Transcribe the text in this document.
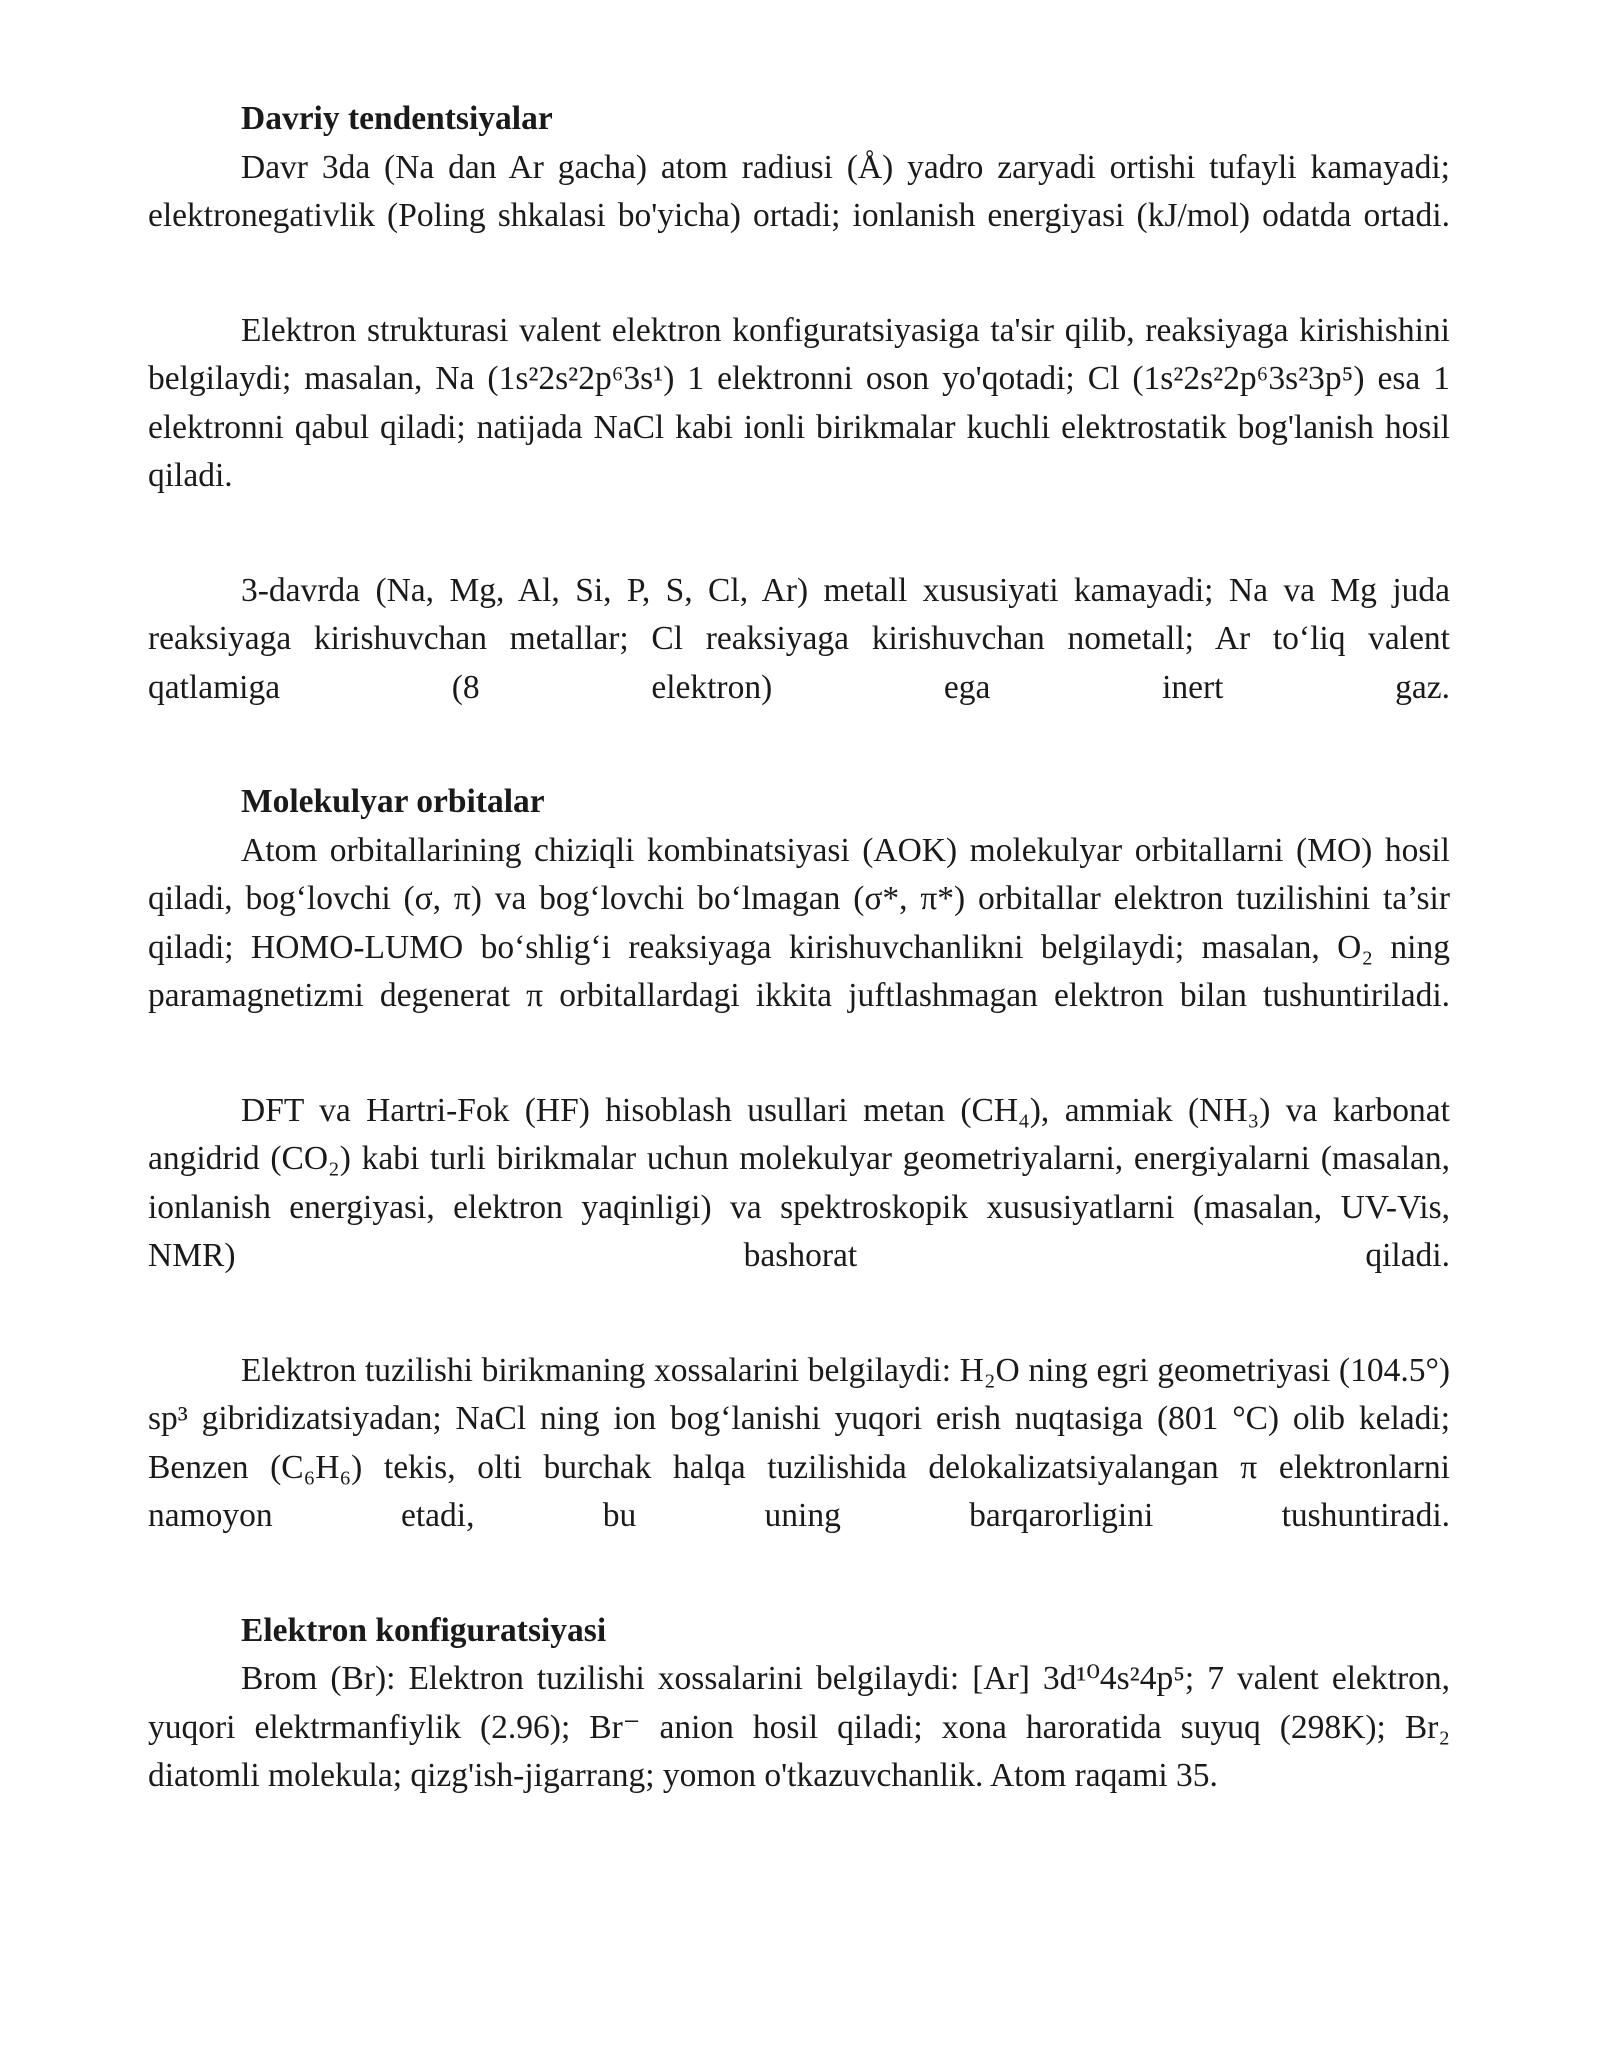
Davriy tendentsiyalar

Davr 3da (Na dan Ar gacha) atom radiusi (Å) yadro zaryadi ortishi tufayli kamayadi; elektronegativlik (Poling shkalasi bo'yicha) ortadi; ionlanish energiyasi (kJ/mol) odatda ortadi.

Elektron strukturasi valent elektron konfiguratsiyasiga ta'sir qilib, reaksiyaga kirishishini belgilaydi; masalan, Na (1s²2s²2p⁶3s¹) 1 elektronni oson yo'qotadi; Cl (1s²2s²2p⁶3s²3p⁵) esa 1 elektronni qabul qiladi; natijada NaCl kabi ionli birikmalar kuchli elektrostatik bog'lanish hosil qiladi.

3-davrda (Na, Mg, Al, Si, P, S, Cl, Ar) metall xususiyati kamayadi; Na va Mg juda reaksiyaga kirishuvchan metallar; Cl reaksiyaga kirishuvchan nometall; Ar to‘liq valent qatlamiga (8 elektron) ega inert gaz.

Molekulyar orbitalar

Atom orbitallarining chiziqli kombinatsiyasi (AOK) molekulyar orbitallarni (MO) hosil qiladi, bog‘lovchi (σ, π) va bog‘lovchi bo‘lmagan (σ*, π*) orbitallar elektron tuzilishini ta’sir qiladi; HOMO-LUMO bo‘shlig‘i reaksiyaga kirishuvchanlikni belgilaydi; masalan, O₂ ning paramagnetizmi degenerat π orbitallardagi ikkita juftlashmagan elektron bilan tushuntiriladi.

DFT va Hartri-Fok (HF) hisoblash usullari metan (CH₄), ammiak (NH₃) va karbonat angidrid (CO₂) kabi turli birikmalar uchun molekulyar geometriyalarni, energiyalarni (masalan, ionlanish energiyasi, elektron yaqinligi) va spektroskopik xususiyatlarni (masalan, UV-Vis, NMR) bashorat qiladi.

Elektron tuzilishi birikmaning xossalarini belgilaydi: H₂O ning egri geometriyasi (104.5°) sp³ gibridizatsiyadan; NaCl ning ion bog‘lanishi yuqori erish nuqtasiga (801 °C) olib keladi; Benzen (C₆H₆) tekis, olti burchak halqa tuzilishida delokalizatsiyalangan π elektronlarni namoyon etadi, bu uning barqarorligini tushuntiradi.

Elektron konfiguratsiyasi

Brom (Br): Elektron tuzilishi xossalarini belgilaydi: [Ar] 3d¹⁰4s²4p⁵; 7 valent elektron, yuqori elektrmanfiylik (2.96); Br⁻ anion hosil qiladi; xona haroratida suyuq (298K); Br₂ diatomli molekula; qizg'ish-jigarrang; yomon o'tkazuvchanlik. Atom raqami 35.
